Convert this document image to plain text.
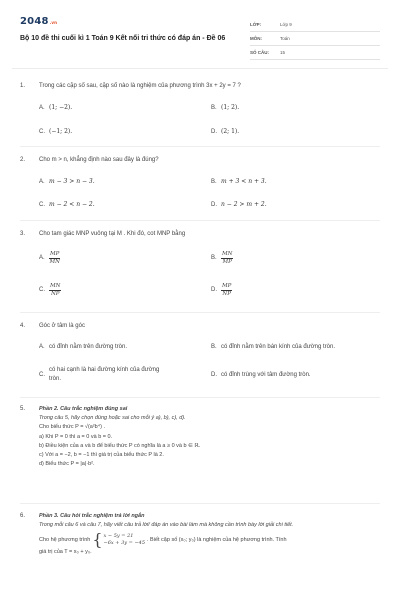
2048.vn
Bộ 10 đề thi cuối kì 1 Toán 9 Kết nối tri thức có đáp án - Đề 06
LỚP:	Lớp 9
MÔN:	Toán
SỐ CÂU:	15
1.	Trong các cặp số sau, cặp số nào là nghiệm của phương trình 3x + 2y = 7 ?
A. (1; −2).	B. (1; 2).
C. (−1; 2).	D. (2; 1).
2.	Cho m > n, khẳng định nào sau đây là đúng?
A. m − 3 > n − 3.	B. m + 3 < n + 3.
C. m − 2 < n − 2.	D. n − 2 > m + 2.
3.	Cho tam giác MNP vuông tại M . Khi đó, cot MNP bằng
A. $\frac{MP}{MN}$	B. $\frac{MN}{MP}$
C. $\frac{MN}{NP}$	D. $\frac{MP}{NP}$
4.	Góc ở tâm là góc
A. có đỉnh nằm trên đường tròn.	B. có đỉnh nằm trên bán kính của đường tròn.
C.
có hai cạnh là hai đường kính của đường tròn.
D. có đỉnh trùng với tâm đường tròn.
5.	Phần 2. Câu trắc nghiệm đúng sai
Trong câu 5, hãy chọn đúng hoặc sai cho mỗi ý a), b), c), d).
Cho biểu thức P = √(a²b⁴) .
a) Khi P = 0 thì a = 0 và b = 0.
b) Điều kiện của a và b để biểu thức P có nghĩa là a ≥ 0 và b ∈ ℝ.
c) Với a = −2, b = −1 thì giá trị của biểu thức P là 2.
d) Biểu thức P = |a|·b².
6.	Phần 3. Câu hỏi trắc nghiệm trả lời ngắn
Trong mỗi câu 6 và câu 7, hãy viết câu trả lời/ đáp án vào bài làm mà không cần trình bày lời giải chi tiết.
Cho hệ phương trình { x − 5y = 21
−6x + 3y = −45
. Biết cặp số (x₀; y₀) là nghiệm của hệ phương trình. Tính
giá trị của T = x₀ + y₀.
